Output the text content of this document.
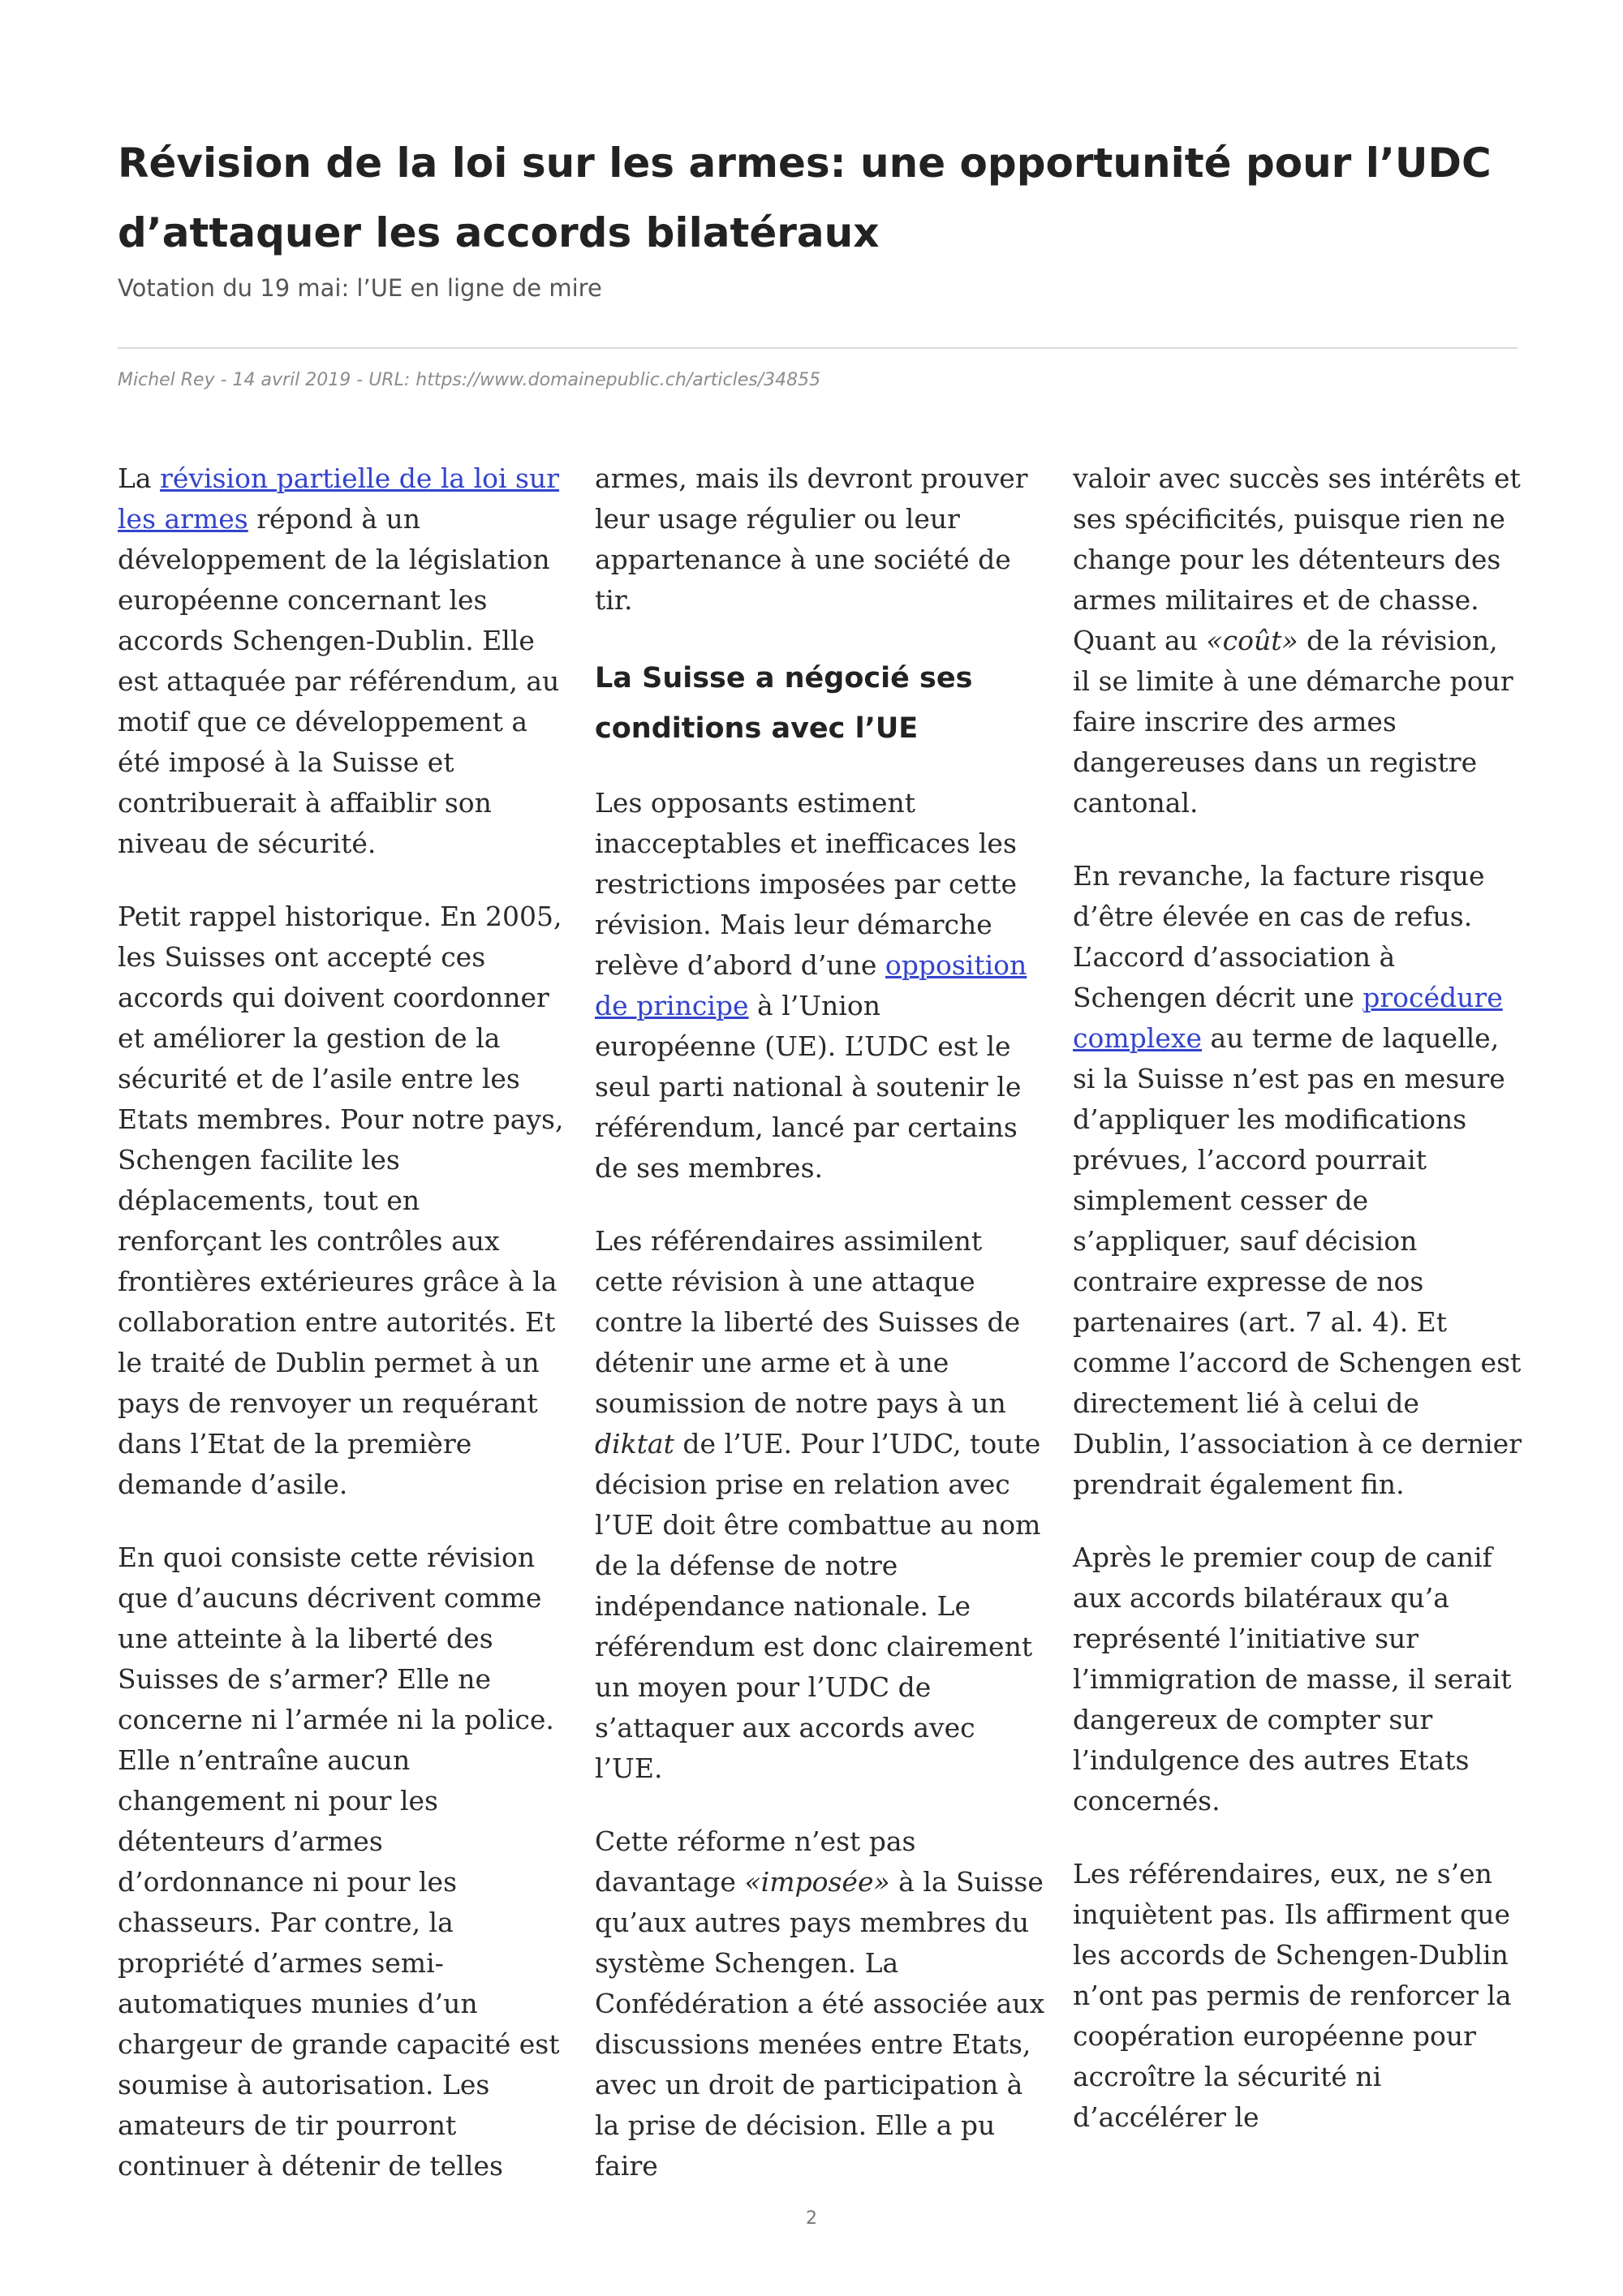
Révision de la loi sur les armes: une opportunité pour l’UDC d’attaquer les accords bilatéraux

Votation du 19 mai: l’UE en ligne de mire

Michel Rey - 14 avril 2019 - URL: https://www.domainepublic.ch/articles/34855

La révision partielle de la loi sur les armes répond à un développement de la législation européenne concernant les accords Schengen-Dublin. Elle est attaquée par référendum, au motif que ce développement a été imposé à la Suisse et contribuerait à affaiblir son niveau de sécurité.

Petit rappel historique. En 2005, les Suisses ont accepté ces accords qui doivent coordonner et améliorer la gestion de la sécurité et de l’asile entre les Etats membres. Pour notre pays, Schengen facilite les déplacements, tout en renforçant les contrôles aux frontières extérieures grâce à la collaboration entre autorités. Et le traité de Dublin permet à un pays de renvoyer un requérant dans l’Etat de la première demande d’asile.

En quoi consiste cette révision que d’aucuns décrivent comme une atteinte à la liberté des Suisses de s’armer? Elle ne concerne ni l’armée ni la police. Elle n’entraîne aucun changement ni pour les détenteurs d’armes d’ordonnance ni pour les chasseurs. Par contre, la propriété d’armes semi-automatiques munies d’un chargeur de grande capacité est soumise à autorisation. Les amateurs de tir pourront continuer à détenir de telles

armes, mais ils devront prouver leur usage régulier ou leur appartenance à une société de tir.

La Suisse a négocié ses conditions avec l’UE

Les opposants estiment inacceptables et inefficaces les restrictions imposées par cette révision. Mais leur démarche relève d’abord d’une opposition de principe à l’Union européenne (UE). L’UDC est le seul parti national à soutenir le référendum, lancé par certains de ses membres.

Les référendaires assimilent cette révision à une attaque contre la liberté des Suisses de détenir une arme et à une soumission de notre pays à un diktat de l’UE. Pour l’UDC, toute décision prise en relation avec l’UE doit être combattue au nom de la défense de notre indépendance nationale. Le référendum est donc clairement un moyen pour l’UDC de s’attaquer aux accords avec l’UE.

Cette réforme n’est pas davantage «imposée» à la Suisse qu’aux autres pays membres du système Schengen. La Confédération a été associée aux discussions menées entre Etats, avec un droit de participation à la prise de décision. Elle a pu faire

valoir avec succès ses intérêts et ses spécificités, puisque rien ne change pour les détenteurs des armes militaires et de chasse. Quant au «coût» de la révision, il se limite à une démarche pour faire inscrire des armes dangereuses dans un registre cantonal.

En revanche, la facture risque d’être élevée en cas de refus. L’accord d’association à Schengen décrit une procédure complexe au terme de laquelle, si la Suisse n’est pas en mesure d’appliquer les modifications prévues, l’accord pourrait simplement cesser de s’appliquer, sauf décision contraire expresse de nos partenaires (art. 7 al. 4). Et comme l’accord de Schengen est directement lié à celui de Dublin, l’association à ce dernier prendrait également fin.

Après le premier coup de canif aux accords bilatéraux qu’a représenté l’initiative sur l’immigration de masse, il serait dangereux de compter sur l’indulgence des autres Etats concernés.

Les référendaires, eux, ne s’en inquiètent pas. Ils affirment que les accords de Schengen-Dublin n’ont pas permis de renforcer la coopération européenne pour accroître la sécurité ni d’accélérer le

2
